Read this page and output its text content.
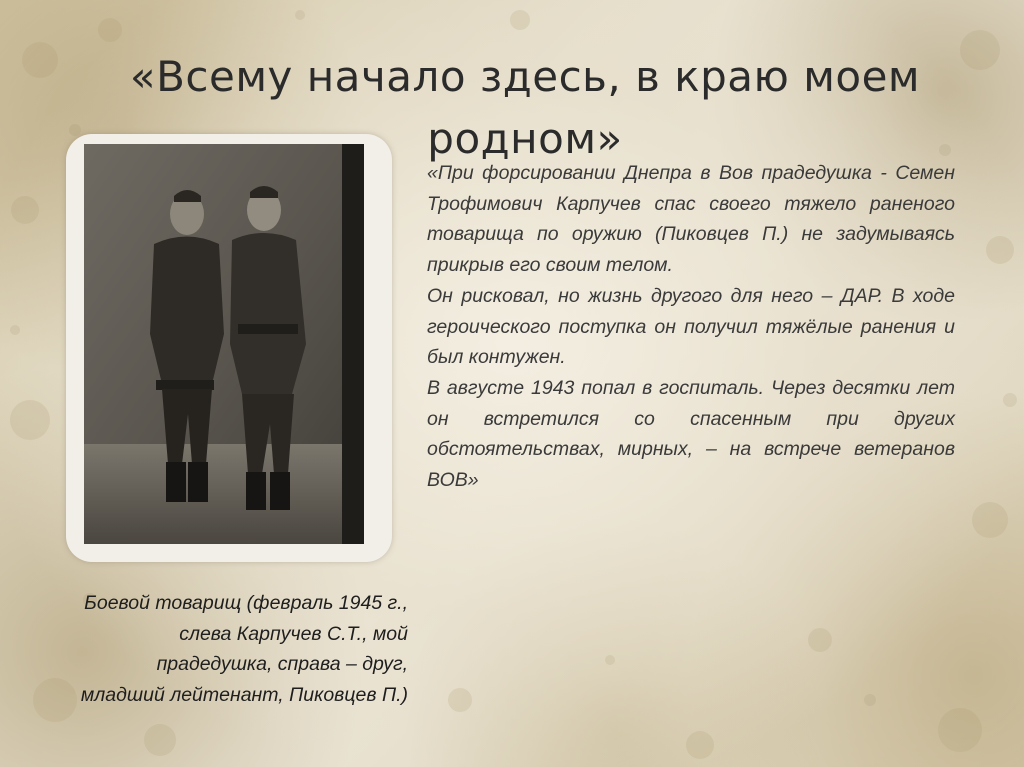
«Всему начало здесь, в краю моем родном»

«При форсировании Днепра в Вов прадедушка - Семен Трофимович Карпучев спас своего тяжело раненого товарища по оружию (Пиковцев П.) не задумываясь прикрыв его своим телом.

Он рисковал, но жизнь другого для него – ДАР. В ходе героического поступка он получил тяжёлые ранения и был контужен.

В августе 1943 попал в госпиталь. Через десятки лет он встретился со спасенным при других обстоятельствах, мирных, – на встрече ветеранов ВОВ»

Боевой товарищ (февраль 1945 г.,
слева Карпучев С.Т., мой
прадедушка, справа – друг,
младший лейтенант, Пиковцев П.)
